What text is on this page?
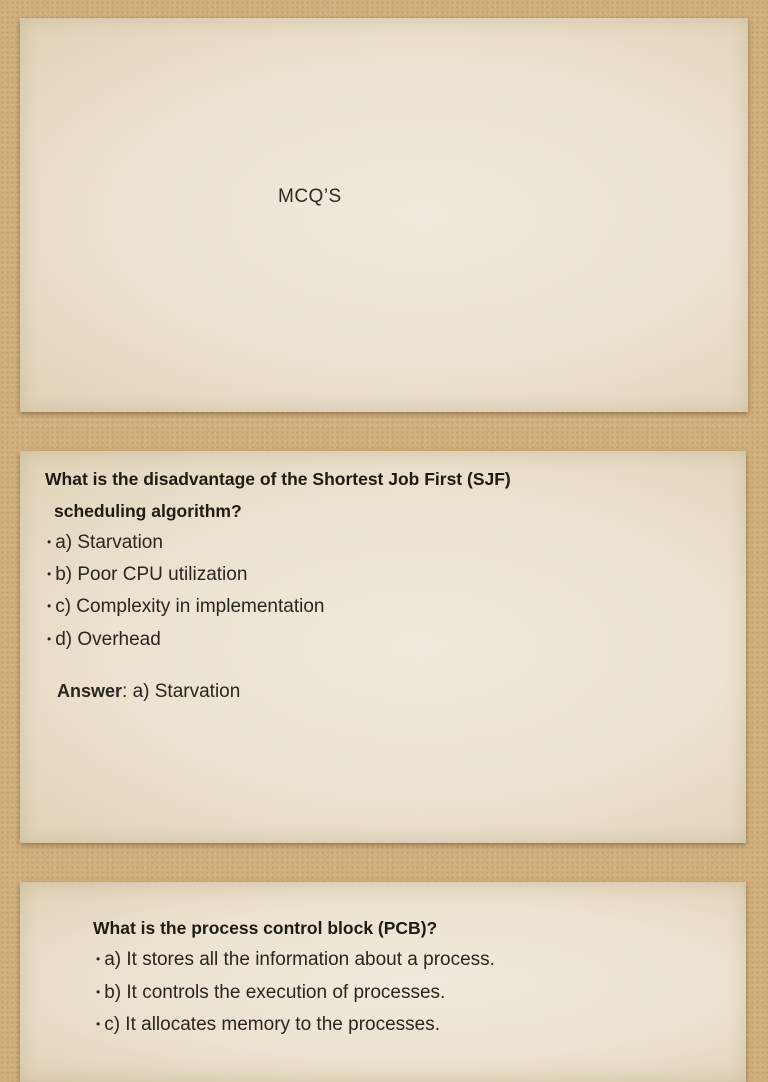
MCQ’S
What is the disadvantage of the Shortest Job First (SJF)
scheduling algorithm?
• a) Starvation
• b) Poor CPU utilization
• c) Complexity in implementation
• d) Overhead
Answer: a) Starvation
What is the process control block (PCB)?
• a) It stores all the information about a process.
• b) It controls the execution of processes.
• c) It allocates memory to the processes.
